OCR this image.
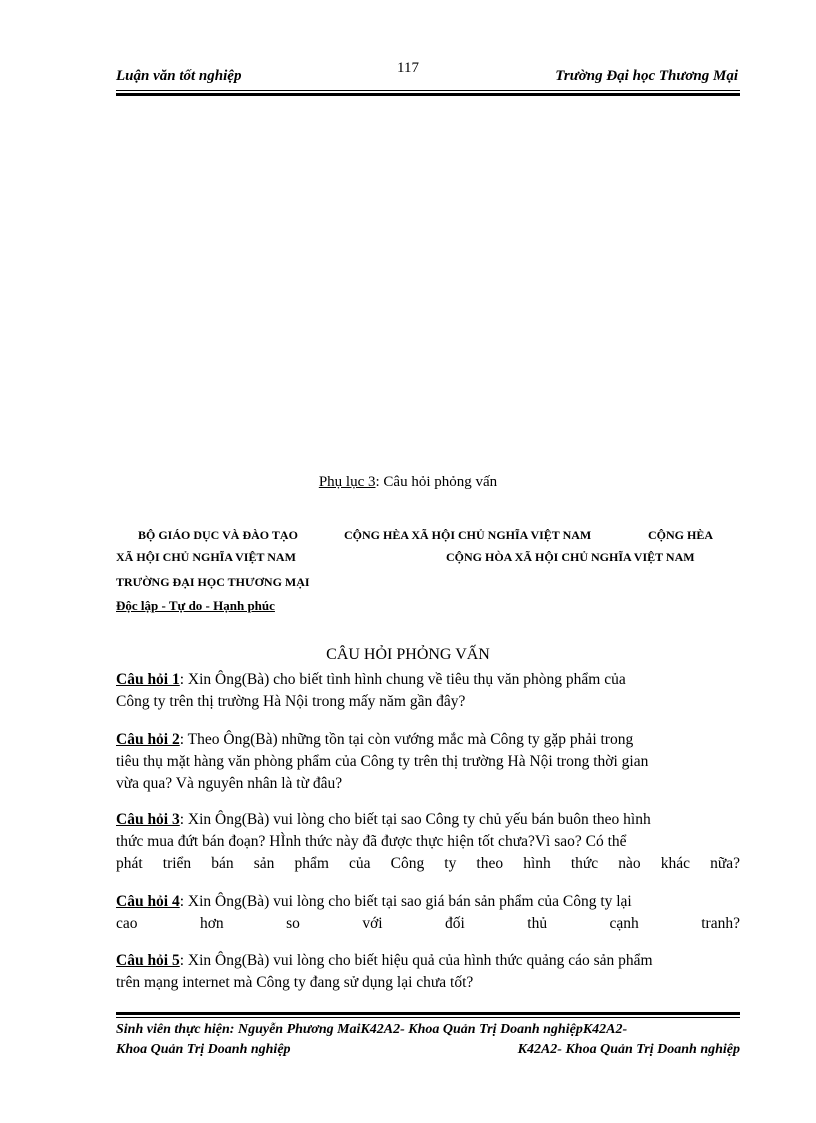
117
Luận văn tốt nghiệp	Trường Đại học Thương Mại
Phụ lục 3: Câu hỏi phỏng vấn
BỘ GIÁO DỤC VÀ ĐÀO TẠO	CỘNG HÈA XÃ HỘI CHỦ NGHĨA VIỆT NAM	CỘNG HÈA
XÃ HỘI CHỦ NGHĨA VIỆT NAM	CỘNG HÒA XÃ HỘI CHỦ NGHĨA VIỆT NAM
TRƯỜNG ĐẠI HỌC THƯƠNG MẠI
Độc lập - Tự do - Hạnh phúc
CÂU HỎI PHỎNG VẤN
Câu hỏi 1: Xin Ông(Bà) cho biết tình hình chung về tiêu thụ văn phòng phẩm của
Công ty trên thị trường Hà Nội trong mấy năm gần đây?
Câu hỏi 2: Theo Ông(Bà) những tồn tại còn vướng mắc mà Công ty gặp phải trong
tiêu thụ mặt hàng văn phòng phẩm của Công ty trên thị trường Hà Nội trong thời gian
vừa qua? Và nguyên nhân là từ đâu?
Câu hỏi 3: Xin Ông(Bà) vui lòng cho biết tại sao Công ty chủ yếu bán buôn theo hình
thức mua đứt bán đoạn? HÌnh thức này đã được thực hiện tốt chưa?Vì sao? Có thể
phát triển bán sản phẩm của Công ty theo hình thức nào khác nữa?
Câu hỏi 4: Xin Ông(Bà) vui lòng cho biết tại sao giá bán sản phẩm của Công ty lại
cao	hơn	so	với	đối	thủ	cạnh	tranh?
Câu hỏi 5: Xin Ông(Bà) vui lòng cho biết hiệu quả của hình thức quảng cáo sản phẩm
trên mạng internet mà Công ty đang sử dụng lại chưa tốt?
Sinh viên thực hiện: Nguyễn Phương MaiK42A2- Khoa Quản Trị Doanh nghiệpK42A2-
Khoa Quản Trị Doanh nghiệp	K42A2- Khoa Quản Trị Doanh nghiệp
